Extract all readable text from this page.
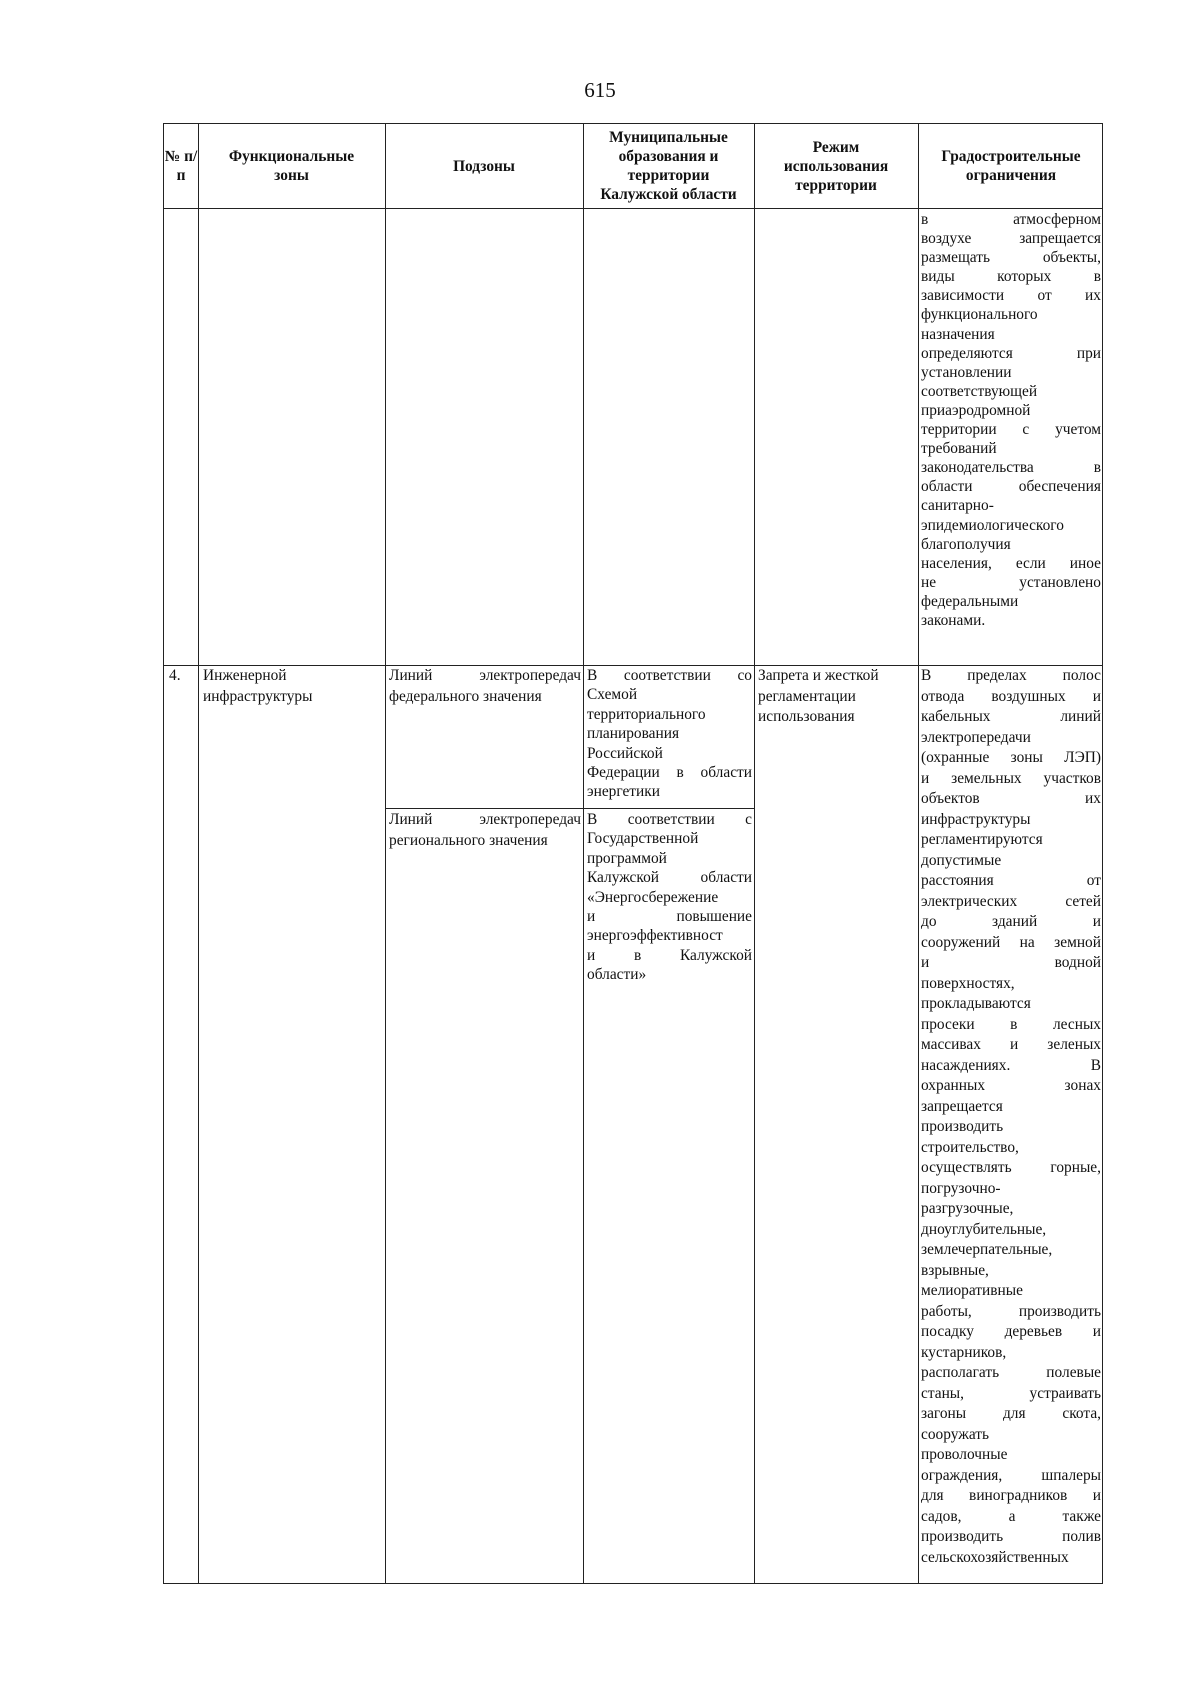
615
№ п/ п
Функциональные зоны
Подзоны
Муниципальные образования и территории Калужской области
Режим использования территории
Градостроительные ограничения
в атмосферном
воздухе запрещается
размещать объекты,
виды которых в
зависимости от их
функционального
назначения
определяются при
установлении
соответствующей
приаэродромной
территории с учетом
требований
законодательства в
области обеспечения
санитарно-
эпидемиологического
благополучия
населения, если иное
не установлено
федеральными
законами.
4.	Инженерной инфраструктуры
Линий электропередач федерального значения
Линий электропередач регионального значения
В соответствии со
Схемой
территориального
планирования
Российской
Федерации в области
энергетики
В соответствии с
Государственной
программой
Калужской области
«Энергосбережение
и повышение
энергоэффективност
и в Калужской
области»
Запрета и жесткой регламентации использования
В пределах полос
отвода воздушных и
кабельных линий
электропередачи
(охранные зоны ЛЭП)
и земельных участков
объектов их
инфраструктуры
регламентируются
допустимые
расстояния от
электрических сетей
до зданий и
сооружений на земной
и водной
поверхностях,
прокладываются
просеки в лесных
массивах и зеленых
насаждениях. В
охранных зонах
запрещается
производить
строительство,
осуществлять горные,
погрузочно-
разгрузочные,
дноуглубительные,
землечерпательные,
взрывные,
мелиоративные
работы, производить
посадку деревьев и
кустарников,
располагать полевые
станы, устраивать
загоны для скота,
сооружать
проволочные
ограждения, шпалеры
для виноградников и
садов, а также
производить полив
сельскохозяйственных
